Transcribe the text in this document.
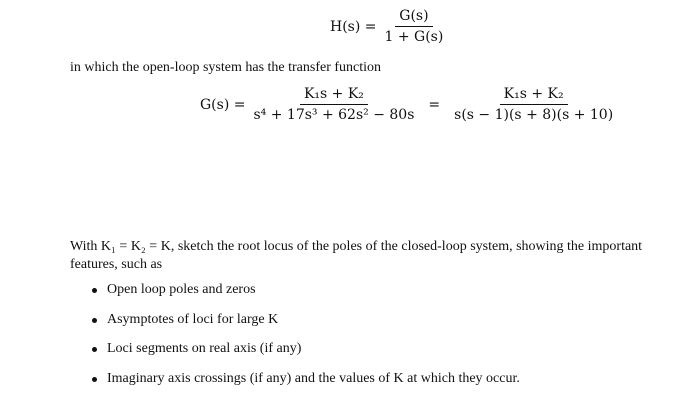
$H(s) = \frac{G(s)}{1 + G(s)}$
in which the open-loop system has the transfer function
$G(s) = \frac{\text{K₁s + K₂}}{\text{s⁴ + 17s³ + 62s² − 80s}} = \frac{\text{K₁s + K₂}}{s(s - 1)(s + 8)(s + 10)}$
With K₁ = K₂ = K, sketch the root locus of the poles of the closed-loop system, showing the important features, such as
Open loop poles and zeros
Asymptotes of loci for large K
Loci segments on real axis (if any)
Imaginary axis crossings (if any) and the values of K at which they occur.
